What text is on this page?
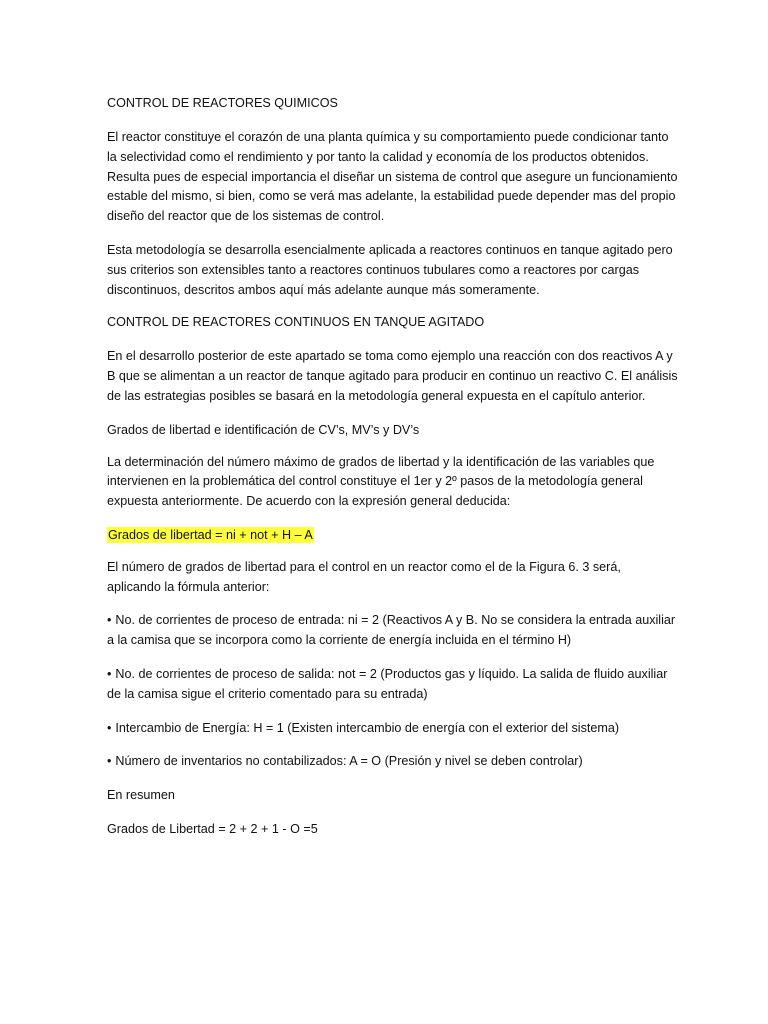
CONTROL DE REACTORES QUIMICOS
El reactor constituye el corazón de una planta química y su comportamiento puede condicionar tanto la selectividad como el rendimiento y por tanto la calidad y economía de los productos obtenidos. Resulta pues de especial importancia el diseñar un sistema de control que asegure un funcionamiento estable del mismo, si bien, como se verá mas adelante, la estabilidad puede depender mas del propio diseño del reactor que de los sistemas de control.
Esta metodología se desarrolla esencialmente aplicada a reactores continuos en tanque agitado pero sus criterios son extensibles tanto a reactores continuos tubulares como a reactores por cargas discontinuos, descritos ambos aquí más adelante aunque más someramente.
CONTROL DE REACTORES CONTINUOS EN TANQUE AGITADO
En el desarrollo posterior de este apartado se toma como ejemplo una reacción con dos reactivos A y B que se alimentan a un reactor de tanque agitado para producir en continuo un reactivo C. El análisis de las estrategias posibles se basará en la metodología general expuesta en el capítulo anterior.
Grados de libertad e identificación de CV’s, MV’s y DV’s
La determinación del número máximo de grados de libertad y la identificación de las variables que intervienen en la problemática del control constituye el 1er y 2º pasos de la metodología general expuesta anteriormente. De acuerdo con la expresión general deducida:
Grados de libertad = ni + not + H – A
El número de grados de libertad para el control en un reactor como el de la Figura 6. 3 será, aplicando la fórmula anterior:
• No. de corrientes de proceso de entrada: ni = 2 (Reactivos A y B. No se considera la entrada auxiliar a la camisa que se incorpora como la corriente de energía incluida en el término H)
• No. de corrientes de proceso de salida: not = 2 (Productos gas y líquido. La salida de fluido auxiliar de la camisa sigue el criterio comentado para su entrada)
• Intercambio de Energía: H = 1 (Existen intercambio de energía con el exterior del sistema)
• Número de inventarios no contabilizados: A = O (Presión y nivel se deben controlar)
En resumen
Grados de Libertad = 2 + 2 + 1 - O =5
